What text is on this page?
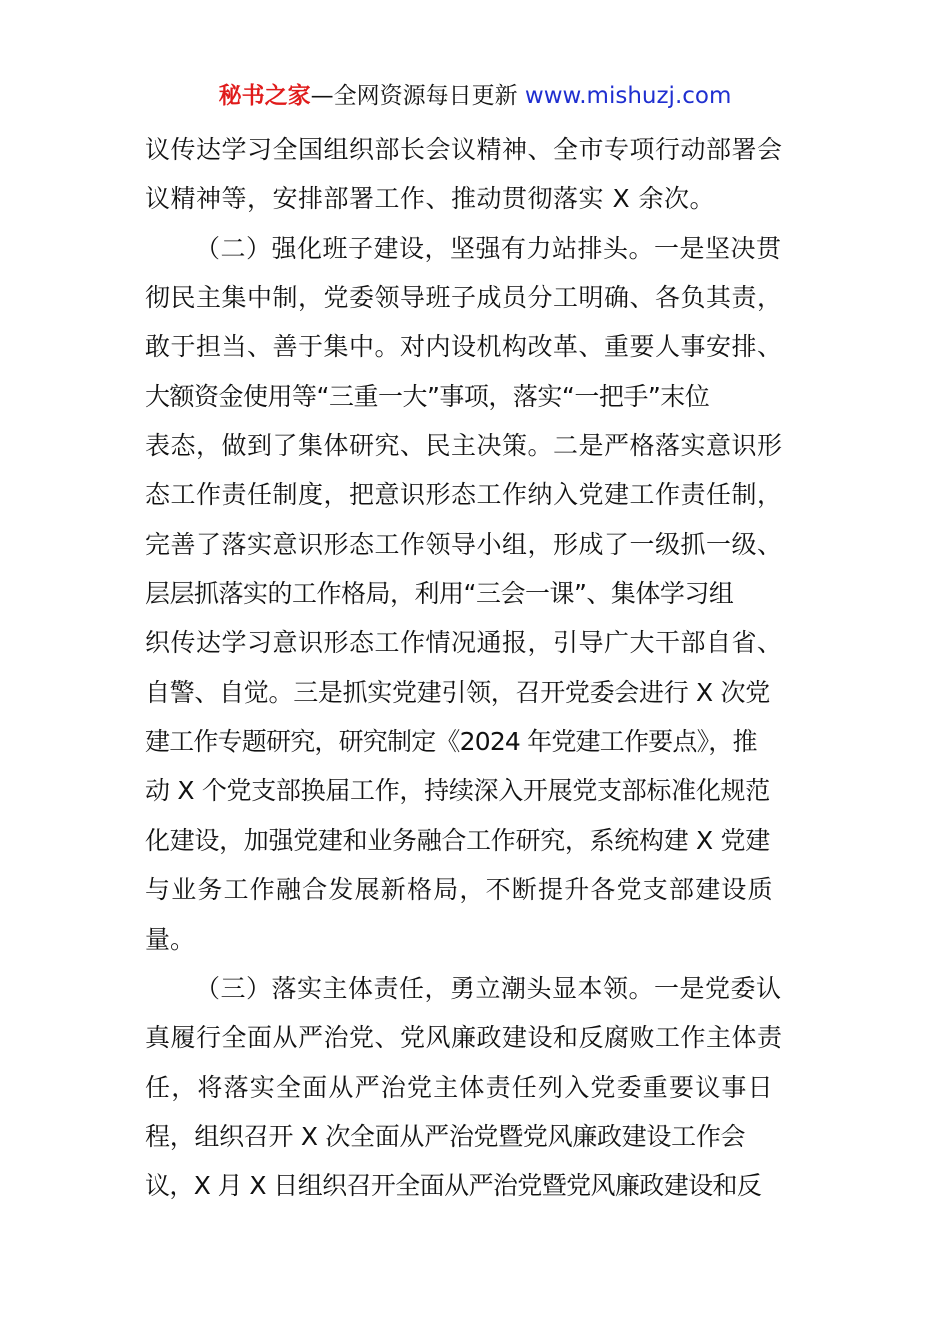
秘书之家—全网资源每日更新 www.mishuzj.com
议传达学习全国组织部长会议精神、全市专项行动部署会
议精神等，安排部署工作、推动贯彻落实 X 余次。
（二）强化班子建设，坚强有力站排头。一是坚决贯
彻民主集中制，党委领导班子成员分工明确、各负其责，
敢于担当、善于集中。对内设机构改革、重要人事安排、
大额资金使用等“三重一大”事项，落实“一把手”末位
表态，做到了集体研究、民主决策。二是严格落实意识形
态工作责任制度，把意识形态工作纳入党建工作责任制，
完善了落实意识形态工作领导小组，形成了一级抓一级、
层层抓落实的工作格局，利用“三会一课”、集体学习组
织传达学习意识形态工作情况通报，引导广大干部自省、
自警、自觉。三是抓实党建引领，召开党委会进行 X 次党
建工作专题研究，研究制定《2024 年党建工作要点》，推
动 X 个党支部换届工作，持续深入开展党支部标准化规范
化建设，加强党建和业务融合工作研究，系统构建 X 党建
与业务工作融合发展新格局，不断提升各党支部建设质
量。
（三）落实主体责任，勇立潮头显本领。一是党委认
真履行全面从严治党、党风廉政建设和反腐败工作主体责
任，将落实全面从严治党主体责任列入党委重要议事日
程，组织召开 X 次全面从严治党暨党风廉政建设工作会
议，X 月 X 日组织召开全面从严治党暨党风廉政建设和反
